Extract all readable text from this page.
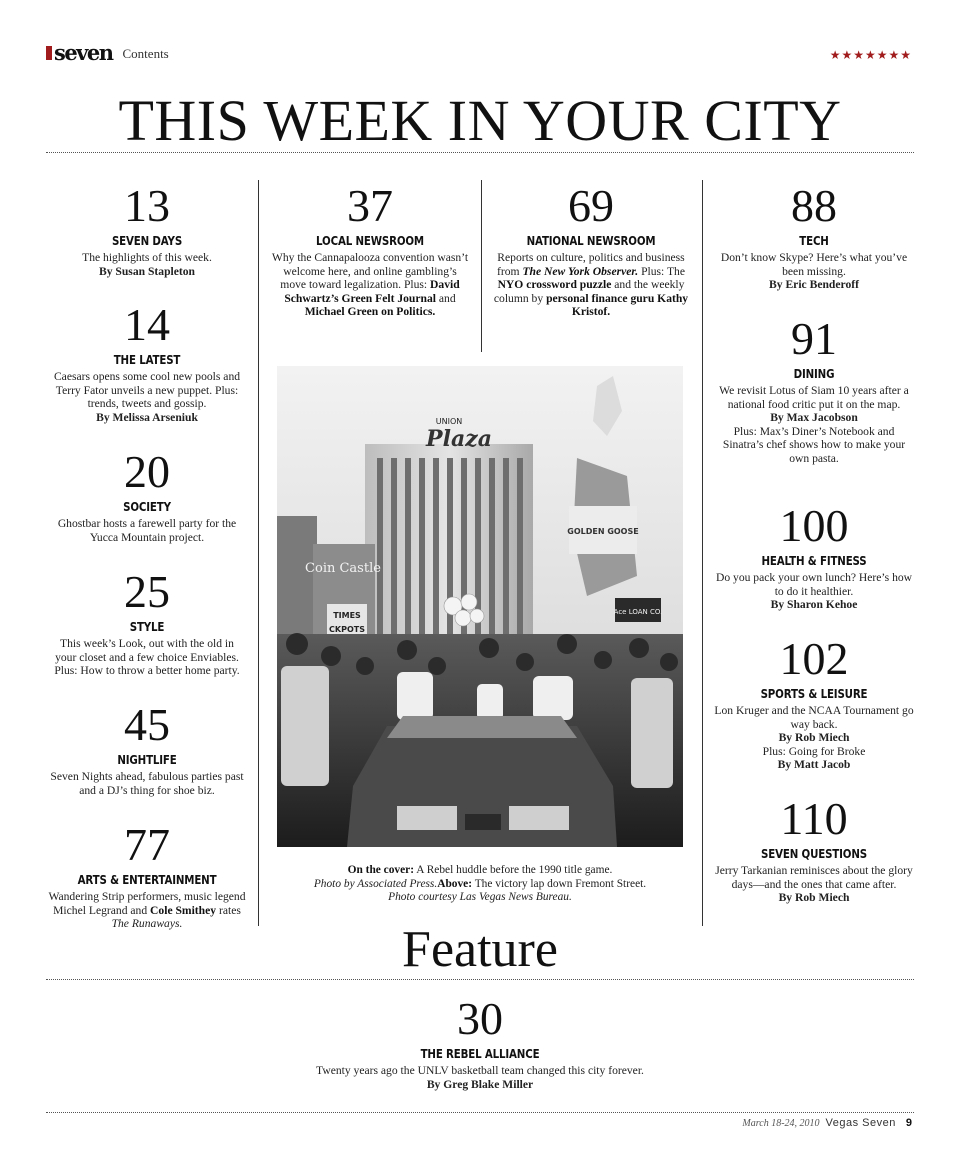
seven Contents	★★★★★★★
THIS WEEK IN YOUR CITY
13
SEVEN DAYS
The highlights of this week.
By Susan Stapleton
14
THE LATEST
Caesars opens some cool new pools and Terry Fator unveils a new puppet. Plus: trends, tweets and gossip.
By Melissa Arseniuk
20
SOCIETY
Ghostbar hosts a farewell party for the Yucca Mountain project.
25
STYLE
This week’s Look, out with the old in your closet and a few choice Enviables. Plus: How to throw a better home party.
45
NIGHTLIFE
Seven Nights ahead, fabulous parties past and a DJ’s thing for shoe biz.
77
ARTS & ENTERTAINMENT
Wandering Strip performers, music legend Michel Legrand and Cole Smithey rates The Runaways.
37
LOCAL NEWSROOM
Why the Cannapalooza convention wasn’t welcome here, and online gambling’s move toward legalization. Plus: David Schwartz’s Green Felt Journal and Michael Green on Politics.
69
NATIONAL NEWSROOM
Reports on culture, politics and business from The New York Observer. Plus: The NYO crossword puzzle and the weekly column by personal finance guru Kathy Kristof.
88
TECH
Don’t know Skype? Here’s what you’ve been missing.
By Eric Benderoff
91
DINING
We revisit Lotus of Siam 10 years after a national food critic put it on the map.
By Max Jacobson
Plus: Max’s Diner’s Notebook and Sinatra’s chef shows how to make your own pasta.
100
HEALTH & FITNESS
Do you pack your own lunch? Here’s how to do it healthier.
By Sharon Kehoe
102
SPORTS & LEISURE
Lon Kruger and the NCAA Tournament go way back.
By Rob Miech
Plus: Going for Broke
By Matt Jacob
110
SEVEN QUESTIONS
Jerry Tarkanian reminisces about the glory days—and the ones that came after.
By Rob Miech
UNION
Plaza
Coin Castle
TIMES
CKPOTS
GOLDEN GOOSE
Ace LOAN CO.
On the cover: A Rebel huddle before the 1990 title game.
Photo by Associated Press.Above: The victory lap down Fremont Street.
Photo courtesy Las Vegas News Bureau.
Feature
30
THE REBEL ALLIANCE
Twenty years ago the UNLV basketball team changed this city forever.
By Greg Blake Miller
March 18-24, 2010 Vegas Seven 9
